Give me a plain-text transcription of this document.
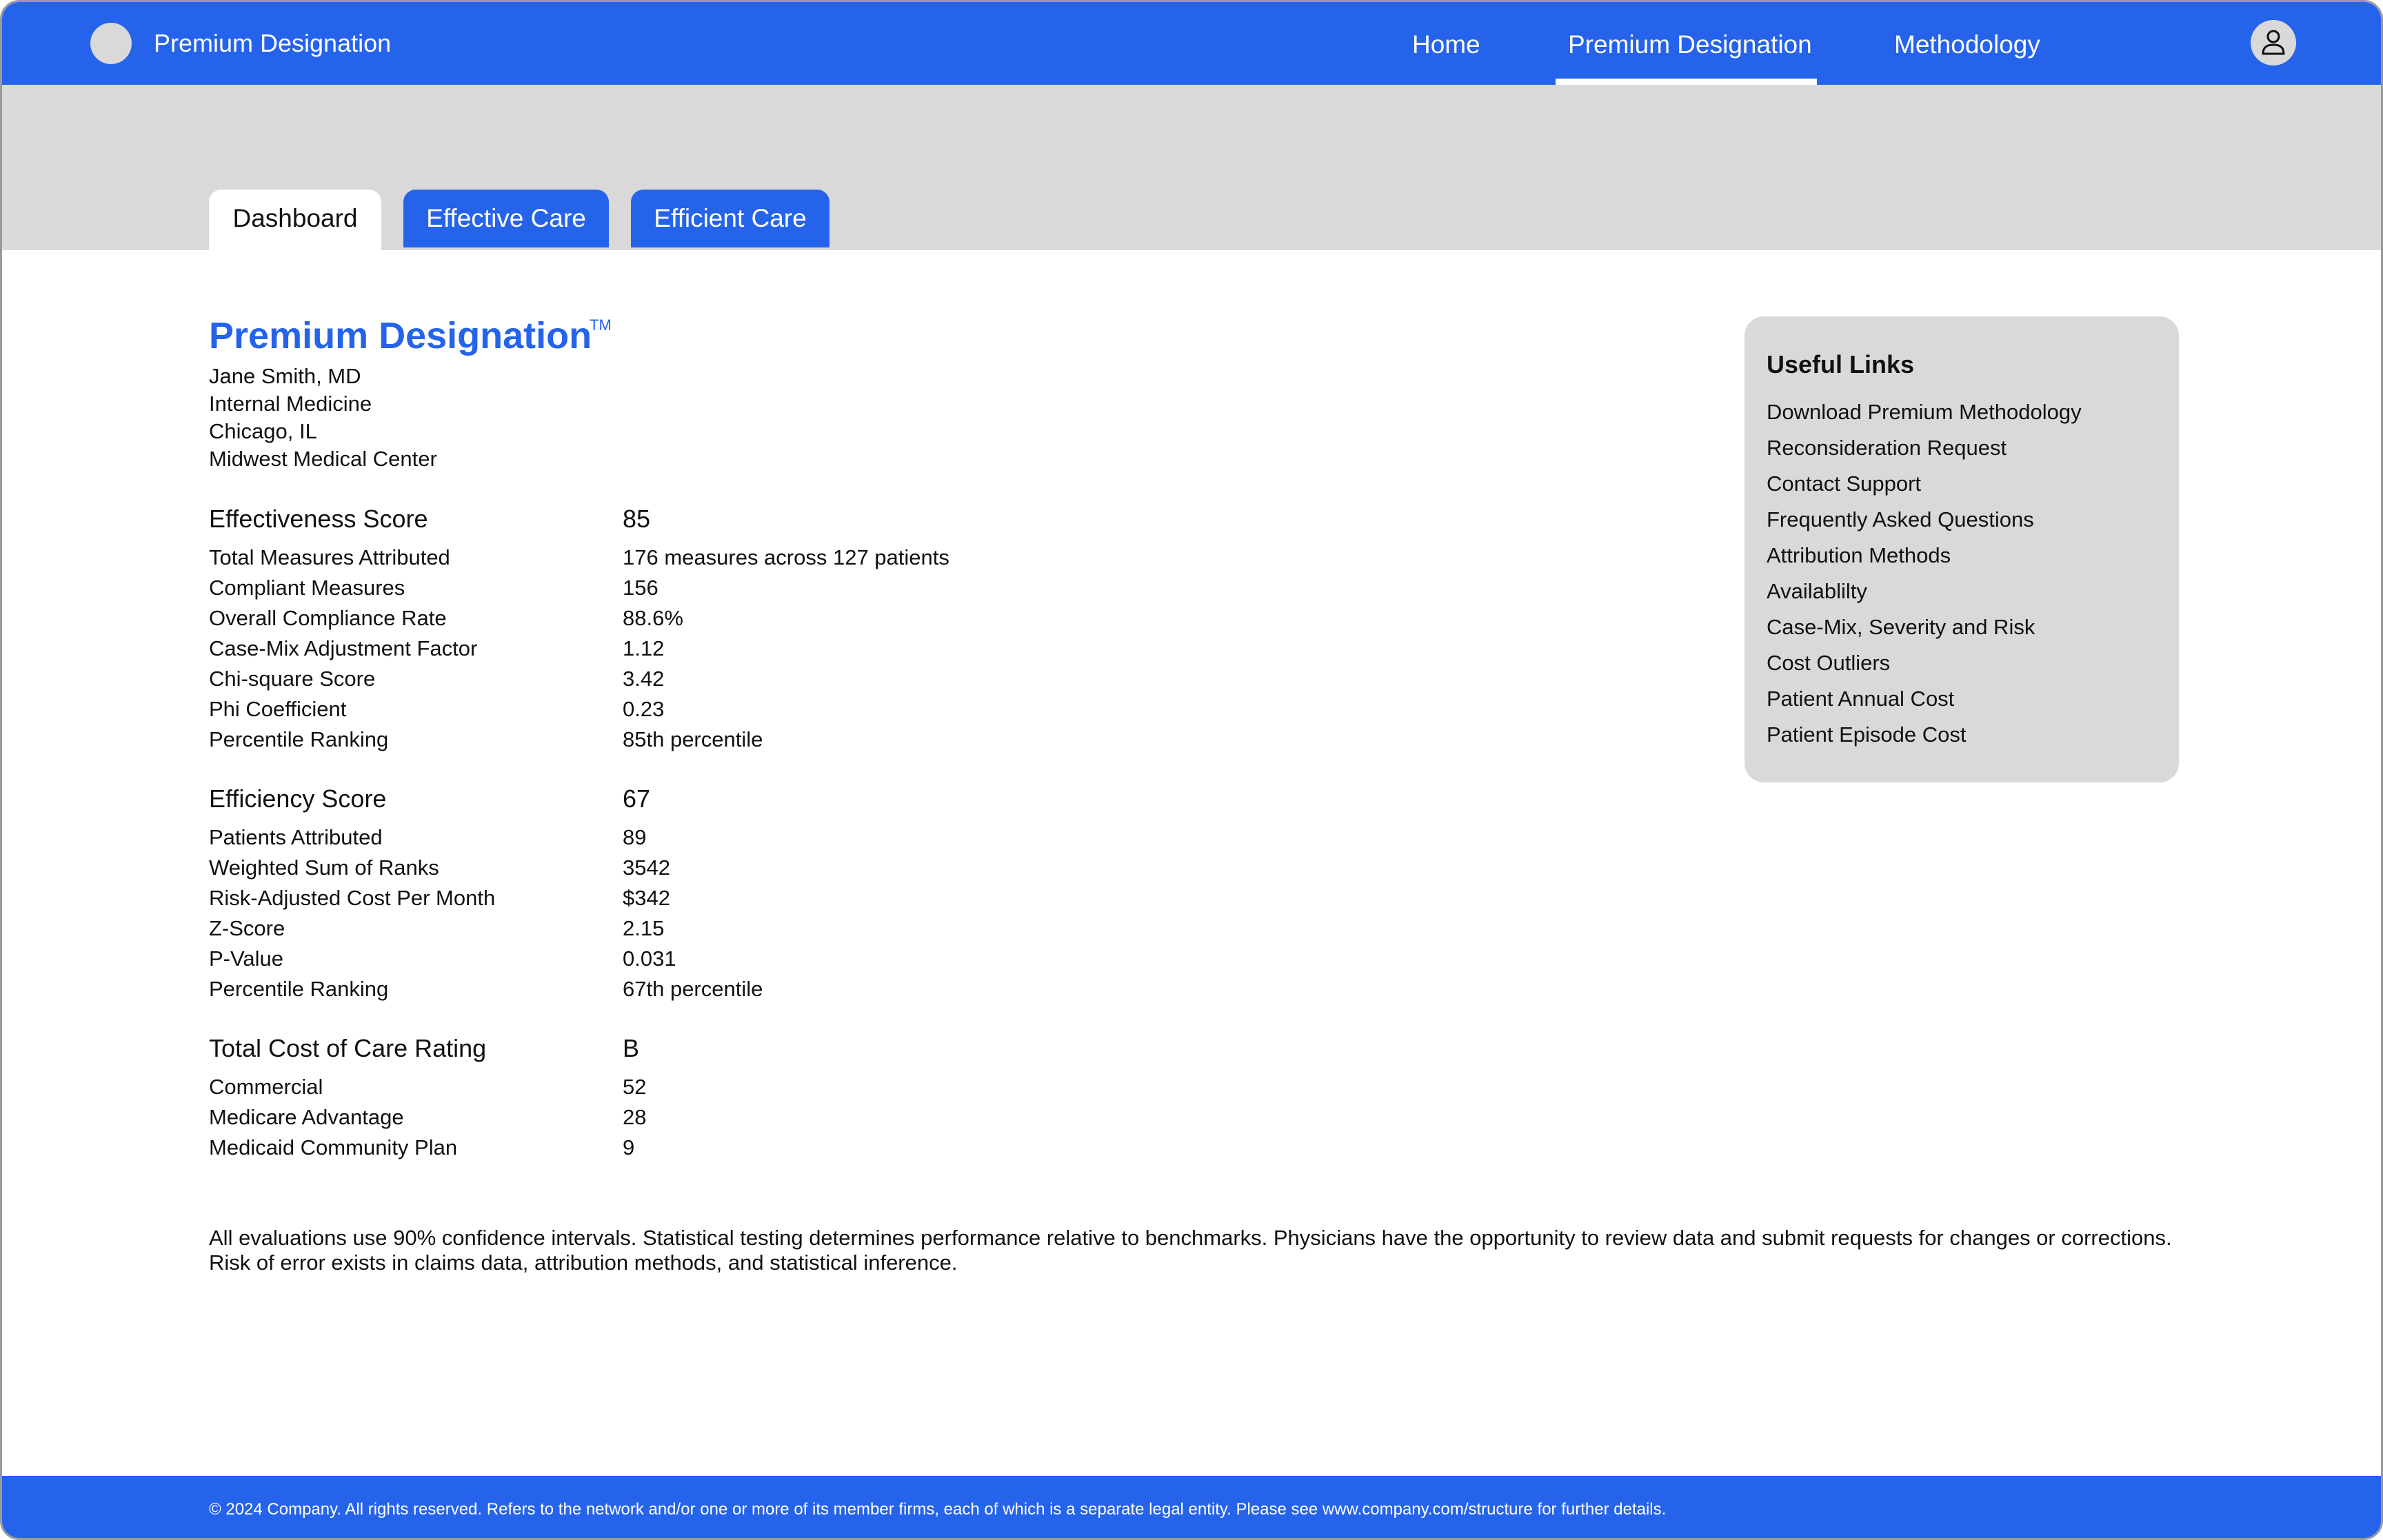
Premium Designation	Home	Premium Designation	Methodology
Dashboard	Effective Care	Efficient Care
Premium Designation
TM
Jane Smith, MD
Internal Medicine
Chicago, IL
Midwest Medical Center
Effectiveness Score	85
Total Measures Attributed	176 measures across 127 patients
Compliant Measures	156
Overall Compliance Rate	88.6%
Case-Mix Adjustment Factor	1.12
Chi-square Score	3.42
Phi Coefficient	0.23
Percentile Ranking	85th percentile
Efficiency Score	67
Patients Attributed	89
Weighted Sum of Ranks	3542
Risk-Adjusted Cost Per Month	$342
Z-Score	2.15
P-Value	0.031
Percentile Ranking	67th percentile
Total Cost of Care Rating	B
Commercial	52
Medicare Advantage	28
Medicaid Community Plan	9
All evaluations use 90% confidence intervals. Statistical testing determines performance relative to benchmarks. Physicians have the opportunity to review data and submit requests for changes or corrections. Risk of error exists in claims data, attribution methods, and statistical inference.
Useful Links
Download Premium Methodology
Reconsideration Request
Contact Support
Frequently Asked Questions
Attribution Methods
Availablilty
Case-Mix, Severity and Risk
Cost Outliers
Patient Annual Cost
Patient Episode Cost
© 2024 Company. All rights reserved. Refers to the network and/or one or more of its member firms, each of which is a separate legal entity. Please see www.company.com/structure for further details.
